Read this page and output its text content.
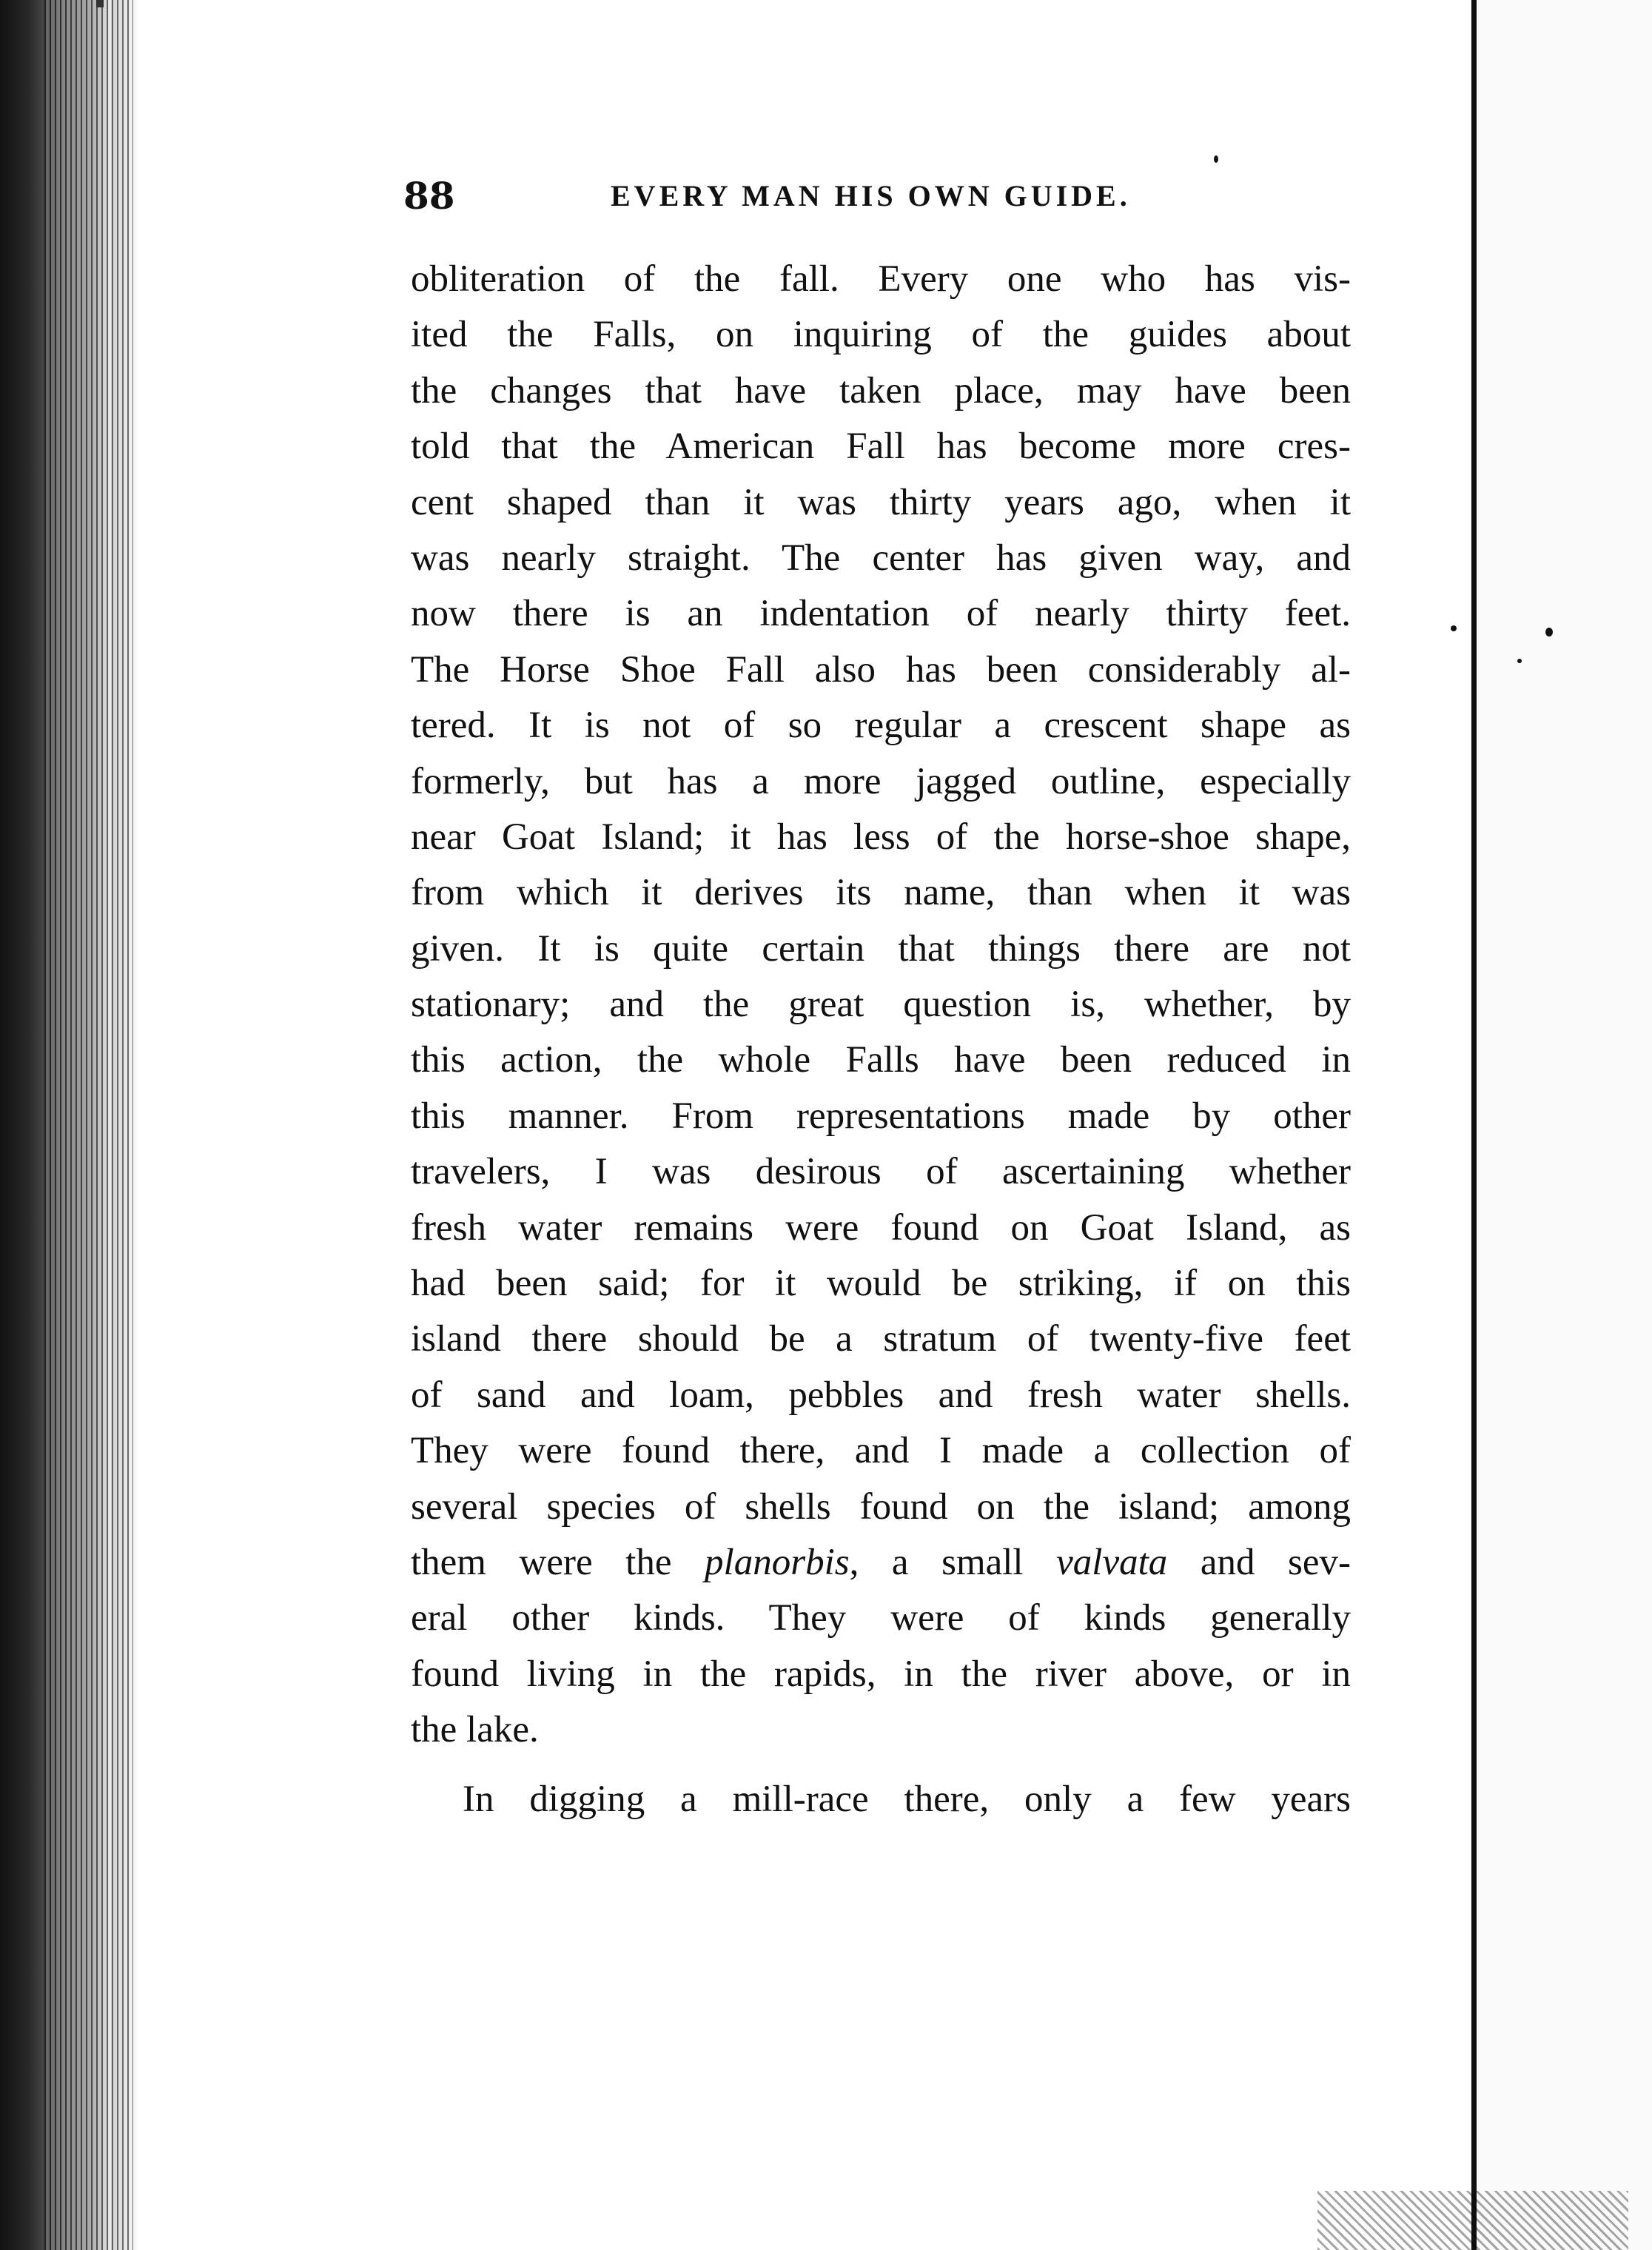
88	EVERY MAN HIS OWN GUIDE.
obliteration of the fall. Every one who has vis-
ited the Falls, on inquiring of the guides about
the changes that have taken place, may have been
told that the American Fall has become more cres-
cent shaped than it was thirty years ago, when it
was nearly straight. The center has given way, and
now there is an indentation of nearly thirty feet.
The Horse Shoe Fall also has been considerably al-
tered. It is not of so regular a crescent shape as
formerly, but has a more jagged outline, especially
near Goat Island; it has less of the horse-shoe shape,
from which it derives its name, than when it was
given. It is quite certain that things there are not
stationary; and the great question is, whether, by
this action, the whole Falls have been reduced in
this manner. From representations made by other
travelers, I was desirous of ascertaining whether
fresh water remains were found on Goat Island, as
had been said; for it would be striking, if on this
island there should be a stratum of twenty-five feet
of sand and loam, pebbles and fresh water shells.
They were found there, and I made a collection of
several species of shells found on the island; among
them were the planorbis, a small valvata and sev-
eral other kinds. They were of kinds generally
found living in the rapids, in the river above, or in
the lake.
In digging a mill-race there, only a few years
